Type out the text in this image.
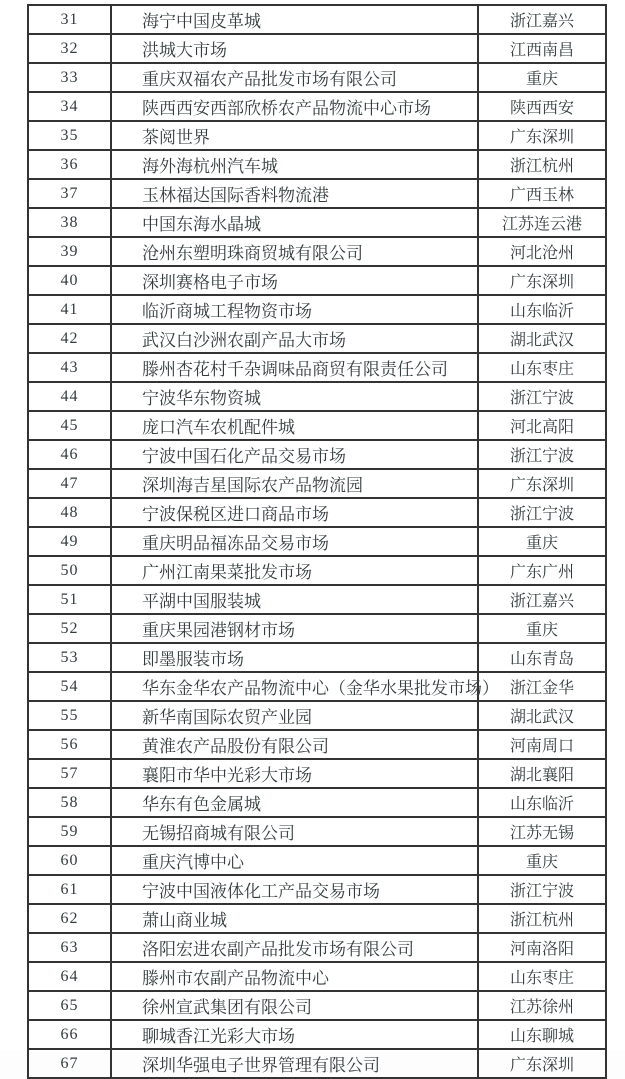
31	海宁中国皮革城	浙江嘉兴
32	洪城大市场	江西南昌
33	重庆双福农产品批发市场有限公司	重庆
34	陕西西安西部欣桥农产品物流中心市场	陕西西安
35	茶阅世界	广东深圳
36	海外海杭州汽车城	浙江杭州
37	玉林福达国际香料物流港	广西玉林
38	中国东海水晶城	江苏连云港
39	沧州东塑明珠商贸城有限公司	河北沧州
40	深圳赛格电子市场	广东深圳
41	临沂商城工程物资市场	山东临沂
42	武汉白沙洲农副产品大市场	湖北武汉
43	滕州杏花村千杂调味品商贸有限责任公司	山东枣庄
44	宁波华东物资城	浙江宁波
45	庞口汽车农机配件城	河北高阳
46	宁波中国石化产品交易市场	浙江宁波
47	深圳海吉星国际农产品物流园	广东深圳
48	宁波保税区进口商品市场	浙江宁波
49	重庆明品福冻品交易市场	重庆
50	广州江南果菜批发市场	广东广州
51	平湖中国服装城	浙江嘉兴
52	重庆果园港钢材市场	重庆
53	即墨服装市场	山东青岛
54	华东金华农产品物流中心（金华水果批发市场）	浙江金华
55	新华南国际农贸产业园	湖北武汉
56	黄淮农产品股份有限公司	河南周口
57	襄阳市华中光彩大市场	湖北襄阳
58	华东有色金属城	山东临沂
59	无锡招商城有限公司	江苏无锡
60	重庆汽博中心	重庆
61	宁波中国液体化工产品交易市场	浙江宁波
62	萧山商业城	浙江杭州
63	洛阳宏进农副产品批发市场有限公司	河南洛阳
64	滕州市农副产品物流中心	山东枣庄
65	徐州宣武集团有限公司	江苏徐州
66	聊城香江光彩大市场	山东聊城
67	深圳华强电子世界管理有限公司	广东深圳
